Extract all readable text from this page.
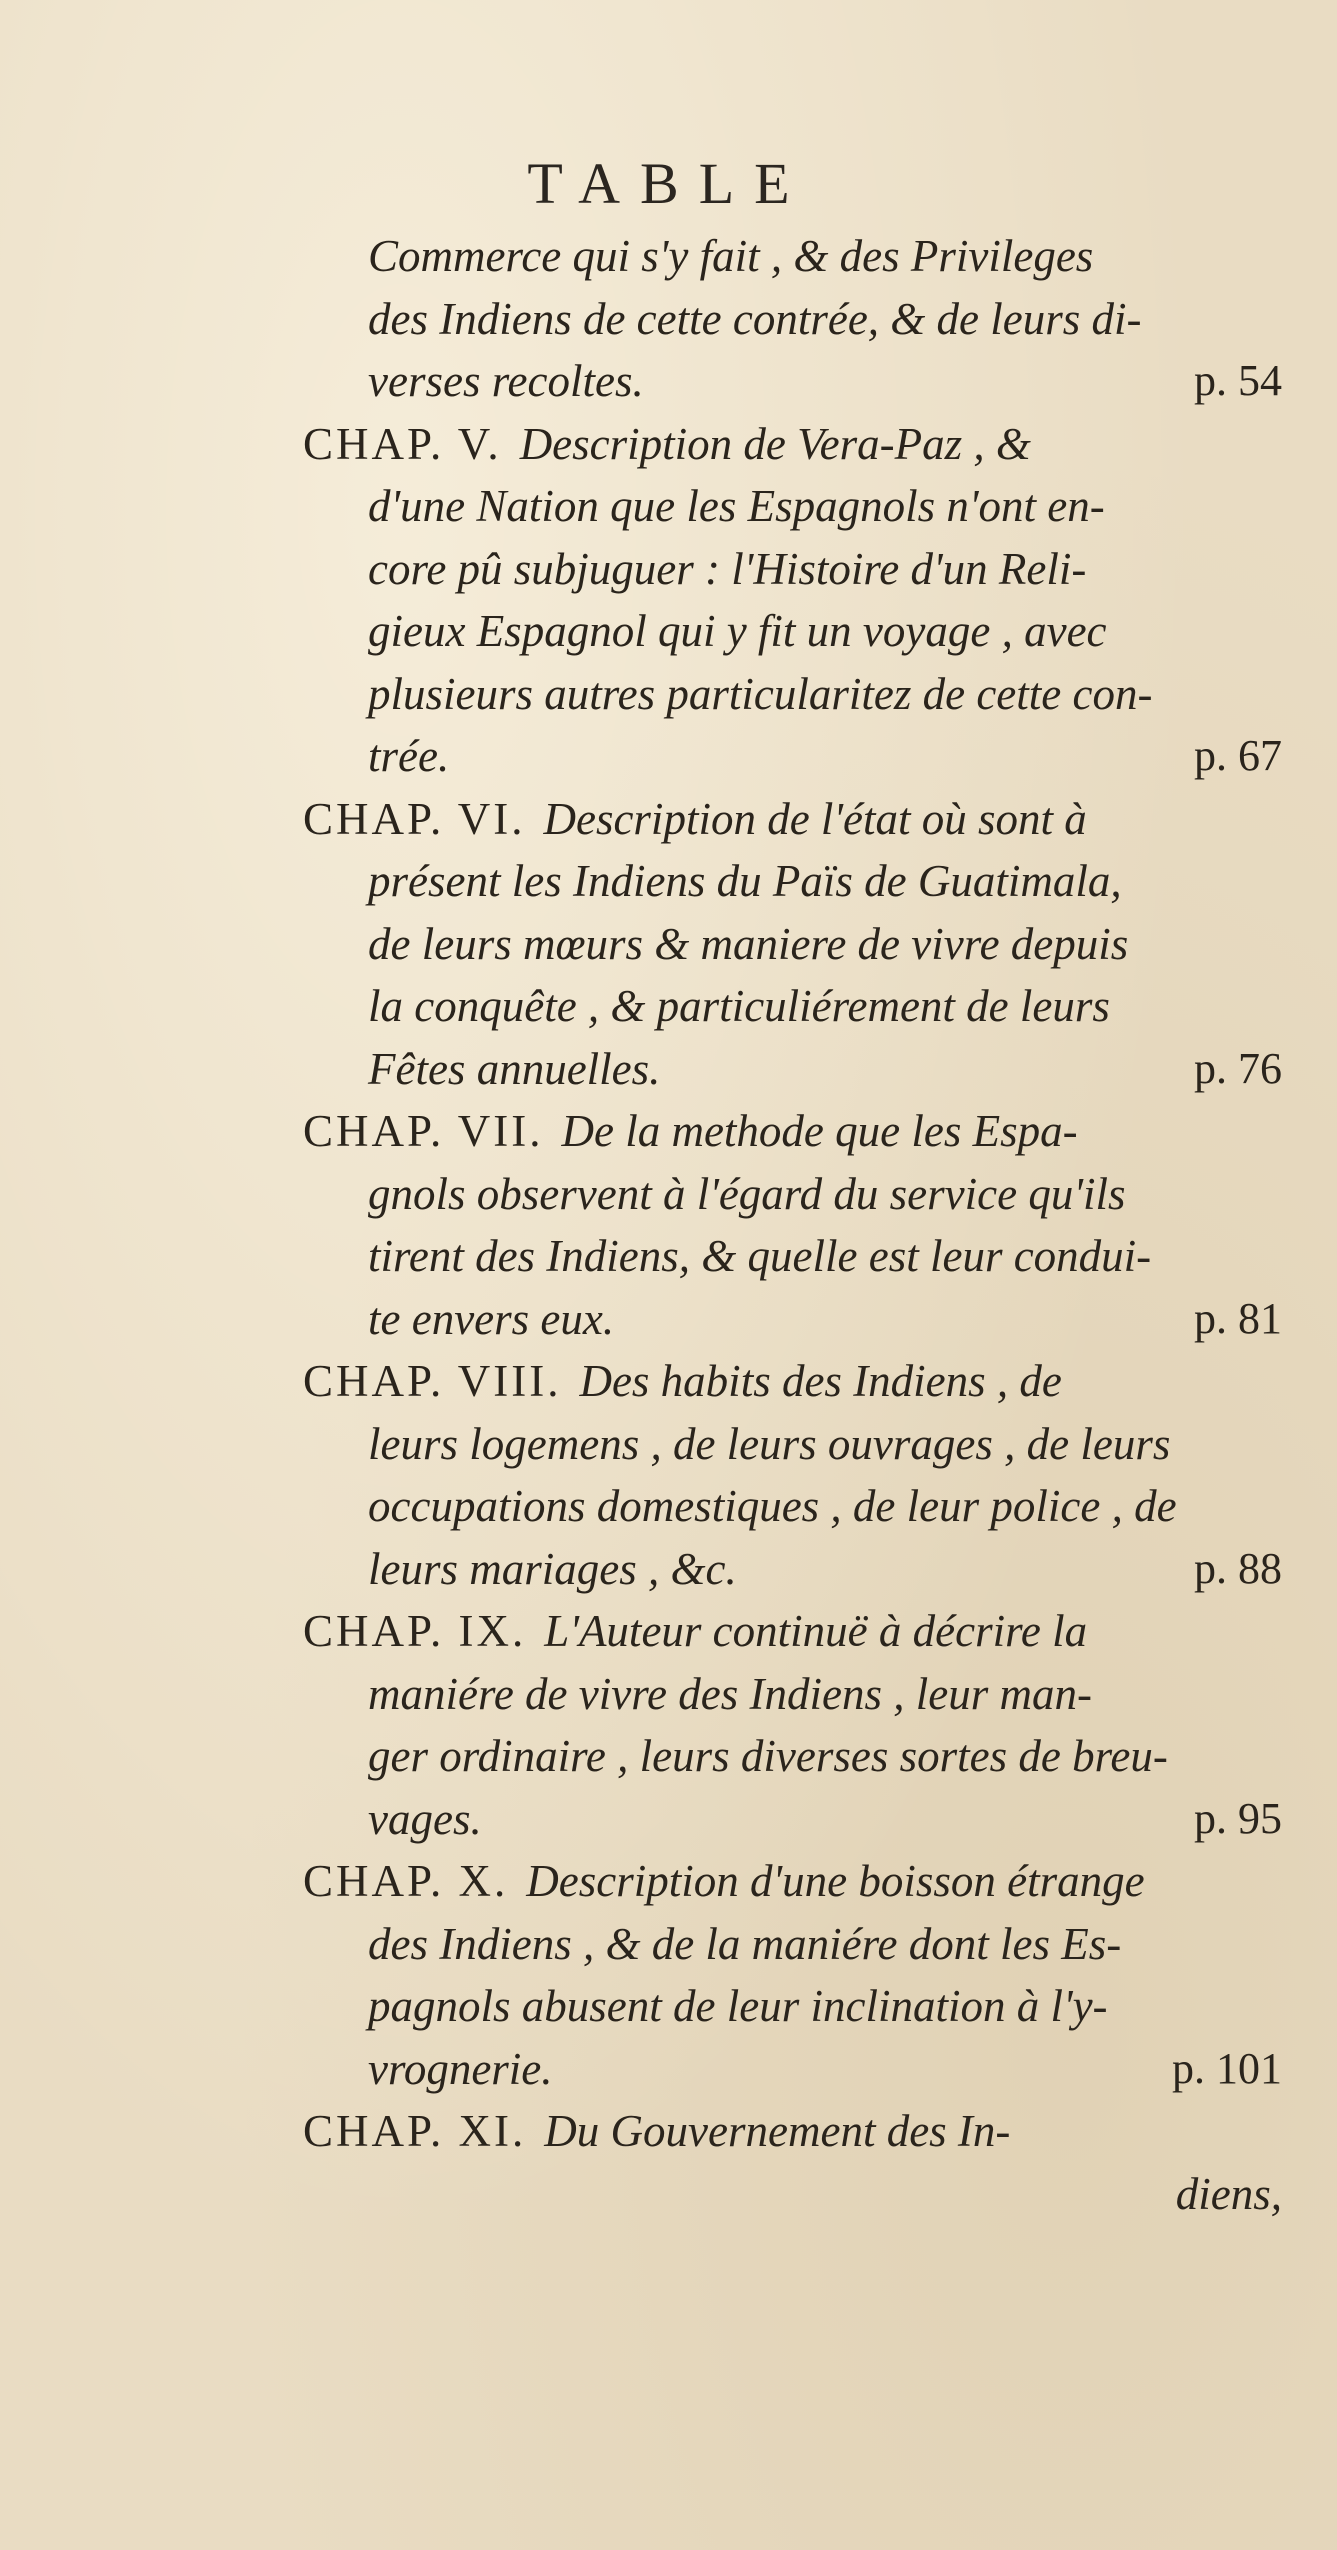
TABLE
Commerce qui s'y fait , & des Privileges
des Indiens de cette contrée, & de leurs di-
verses recoltes.	p. 54
CHAP. V. Description de Vera-Paz , &
d'une Nation que les Espagnols n'ont en-
core pû subjuguer : l'Histoire d'un Reli-
gieux Espagnol qui y fit un voyage , avec
plusieurs autres particularitez de cette con-
trée.	p. 67
CHAP. VI. Description de l'état où sont à
présent les Indiens du Païs de Guatimala,
de leurs mœurs & maniere de vivre depuis
la conquête , & particuliérement de leurs
Fêtes annuelles.	p. 76
CHAP. VII. De la methode que les Espa-
gnols observent à l'égard du service qu'ils
tirent des Indiens, & quelle est leur condui-
te envers eux.	p. 81
CHAP. VIII. Des habits des Indiens , de
leurs logemens , de leurs ouvrages , de leurs
occupations domestiques , de leur police , de
leurs mariages , &c.	p. 88
CHAP. IX. L'Auteur continuë à décrire la
maniére de vivre des Indiens , leur man-
ger ordinaire , leurs diverses sortes de breu-
vages.	p. 95
CHAP. X. Description d'une boisson étrange
des Indiens , & de la maniére dont les Es-
pagnols abusent de leur inclination à l'y-
vrognerie.	p. 101
CHAP. XI. Du Gouvernement des In-
diens,
